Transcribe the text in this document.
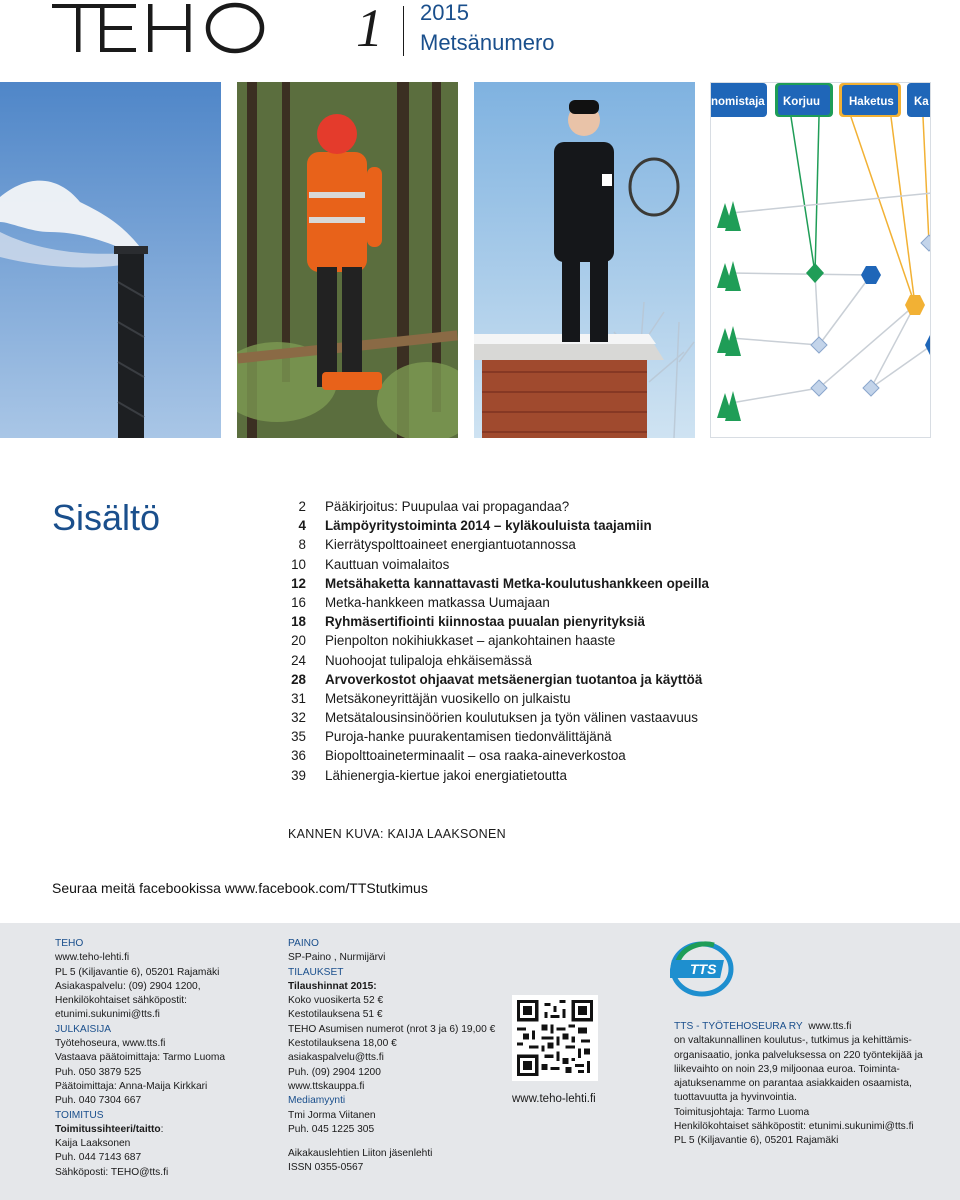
1 2015
Metsänumero
nomistaja Korjuu	Haketus Ka
Sisältö	2	Pääkirjoitus: Puupulaa vai propagandaa?
4	Lämpöyritystoiminta 2014 – kyläkouluista taajamiin
8	Kierrätyspolttoaineet energiantuotannossa
10	Kauttuan voimalaitos
12	Metsähaketta kannattavasti Metka-koulutushankkeen opeilla
16	Metka-hankkeen matkassa Uumajaan
18	Ryhmäsertifiointi kiinnostaa puualan pienyrityksiä
20	Pienpolton nokihiukkaset – ajankohtainen haaste
24	Nuohoojat tulipaloja ehkäisemässä
28	Arvoverkostot ohjaavat metsäenergian tuotantoa ja käyttöä
31	Metsäkoneyrittäjän vuosikello on julkaistu
32	Metsätalousinsinöörien koulutuksen ja työn välinen vastaavuus
35	Puroja-hanke puurakentamisen tiedonvälittäjänä
36	Biopolttoaineterminaalit – osa raaka-aineverkostoa
39	Lähienergia-kiertue jakoi energiatietoutta
KANNEN KUVA: KAIJA LAAKSONEN
Seuraa meitä facebookissa www.facebook.com/TTStutkimus
TEHO
www.teho-lehti.fi
PL 5 (Kiljavantie 6), 05201 Rajamäki
Asiakaspalvelu: (09) 2904 1200,
Henkilökohtaiset sähköpostit:
etunimi.sukunimi@tts.fi
JULKAISIJA
Työtehoseura, www.tts.fi
Vastaava päätoimittaja: Tarmo Luoma
Puh. 050 3879 525
Päätoimittaja: Anna-Maija Kirkkari
Puh. 040 7304 667
TOIMITUS
Toimitussihteeri/taitto:
Kaija Laaksonen
Puh. 044 7143 687
Sähköposti: TEHO@tts.fi
PAINO
SP-Paino , Nurmijärvi
TILAUKSET
Tilaushinnat 2015:
Koko vuosikerta 52 €
Kestotilauksena 51 €
TEHO Asumisen numerot (nrot 3 ja 6) 19,00 €
Kestotilauksena 18,00 €
asiakaspalvelu@tts.fi
Puh. (09) 2904 1200
www.ttskauppa.fi
Mediamyynti
Tmi Jorma Viitanen
Puh. 045 1225 305
Aikakauslehtien Liiton jäsenlehti
ISSN 0355-0567
www.teho-lehti.fi
TTS
TTS - TYÖTEHOSEURA RY www.tts.fi
on valtakunnallinen koulutus-, tutkimus ja kehittämis-
organisaatio, jonka palveluksessa on 220 työntekijää ja
liikevaihto on noin 23,9 miljoonaa euroa. Toiminta-
ajatuksenamme on parantaa asiakkaiden osaamista,
tuottavuutta ja hyvinvointia.
Toimitusjohtaja: Tarmo Luoma
Henkilökohtaiset sähköpostit: etunimi.sukunimi@tts.fi
PL 5 (Kiljavantie 6), 05201 Rajamäki
